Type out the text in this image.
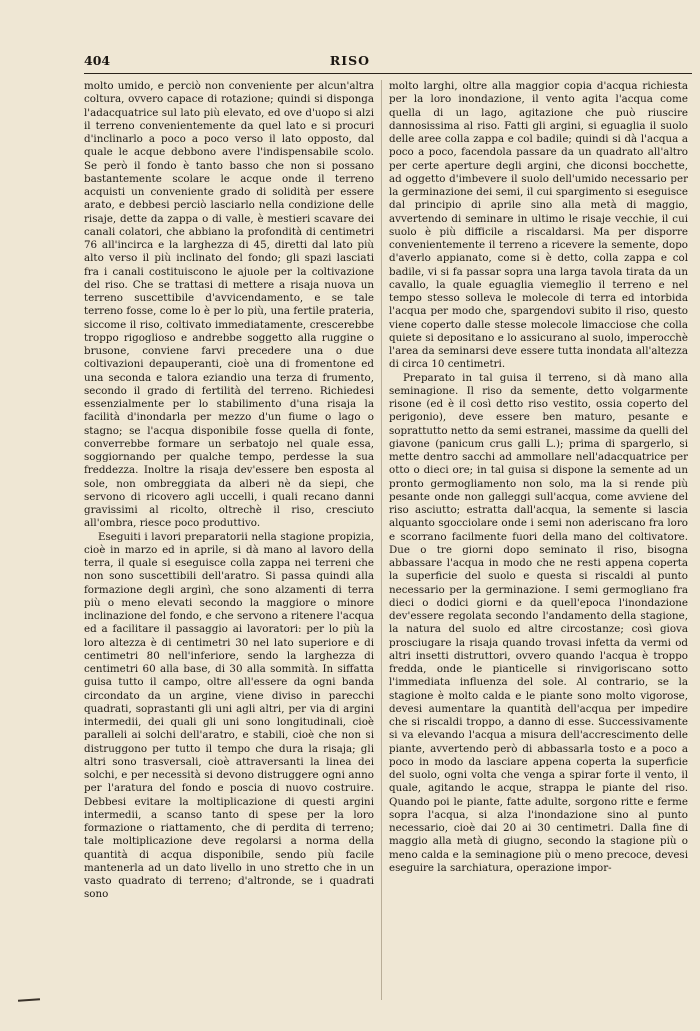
404	RISO

molto umido, e perciò non conveniente per alcun'altra coltura, ovvero capace di rotazione; quindi si disponga l'adacquatrice sul lato più elevato, ed ove d'uopo si alzi il terreno convenientemente da quel lato e si procuri d'inclinarlo a poco a poco verso il lato opposto, dal quale le acque debbono avere l'indispensabile scolo. Se però il fondo è tanto basso che non si possano bastantemente scolare le acque onde il terreno acquisti un conveniente grado di solidità per essere arato, e debbesi perciò lasciarlo nella condizione delle risaje, dette da zappa o di valle, è mestieri scavare dei canali colatori, che abbiano la profondità di centimetri 76 all'incirca e la larghezza di 45, diretti dal lato più alto verso il più inclinato del fondo; gli spazi lasciati fra i canali costituiscono le ajuole per la coltivazione del riso. Che se trattasi di mettere a risaja nuova un terreno suscettibile d'avvicendamento, e se tale terreno fosse, come lo è per lo più, una fertile prateria, siccome il riso, coltivato immediatamente, crescerebbe troppo rigoglioso e andrebbe soggetto alla ruggine o brusone, conviene farvi precedere una o due coltivazioni depauperanti, cioè una di fromentone ed una seconda e talora eziandio una terza di frumento, secondo il grado di fertilità del terreno. Richiedesi essenzialmente per lo stabilimento d'una risaja la facilità d'inondarla per mezzo d'un fiume o lago o stagno; se l'acqua disponibile fosse quella di fonte, converrebbe formare un serbatojo nel quale essa, soggiornando per qualche tempo, perdesse la sua freddezza. Inoltre la risaja dev'essere ben esposta al sole, non ombreggiata da alberi nè da siepi, che servono di ricovero agli uccelli, i quali recano danni gravissimi al ricolto, oltrechè il riso, cresciuto all'ombra, riesce poco produttivo.

Eseguiti i lavori preparatorii nella stagione propizia, cioè in marzo ed in aprile, si dà mano al lavoro della terra, il quale si eseguisce colla zappa nei terreni che non sono suscettibili dell'aratro. Si passa quindi alla formazione degli arginì, che sono alzamenti di terra più o meno elevati secondo la maggiore o minore inclinazione del fondo, e che servono a ritenere l'acqua ed a facilitare il passaggio ai lavoratori: per lo più la loro altezza è di centimetri 30 nel lato superiore e di centimetri 80 nell'inferiore, sendo la larghezza di centimetri 60 alla base, di 30 alla sommità. In siffatta guisa tutto il campo, oltre all'essere da ogni banda circondato da un argine, viene diviso in parecchi quadrati, soprastanti gli uni agli altri, per via di argini intermedii, dei quali gli uni sono longitudinali, cioè paralleli ai solchi dell'aratro, e stabili, cioè che non si distruggono per tutto il tempo che dura la risaja; gli altri sono trasversali, cioè attraversanti la linea dei solchi, e per necessità si devono distruggere ogni anno per l'aratura del fondo e poscia di nuovo costruire. Debbesi evitare la moltiplicazione di questi argini intermedii, a scanso tanto di spese per la loro formazione o riattamento, che di perdita di terreno; tale moltiplicazione deve regolarsi a norma della quantità di acqua disponibile, sendo più facile mantenerla ad un dato livello in uno stretto che in un vasto quadrato di terreno; d'altronde, se i quadrati sono

molto larghi, oltre alla maggior copia d'acqua richiesta per la loro inondazione, il vento agita l'acqua come quella di un lago, agitazione che può riuscire dannosissima al riso. Fatti gli argini, si eguaglia il suolo delle aree colla zappa e col badile; quindi si dà l'acqua a poco a poco, facendola passare da un quadrato all'altro per certe aperture degli argini, che diconsi bocchette, ad oggetto d'imbevere il suolo dell'umido necessario per la germinazione dei semi, il cui spargimento si eseguisce dal principio di aprile sino alla metà di maggio, avvertendo di seminare in ultimo le risaje vecchie, il cui suolo è più difficile a riscaldarsi. Ma per disporre convenientemente il terreno a ricevere la semente, dopo d'averlo appianato, come si è detto, colla zappa e col badile, vi si fa passar sopra una larga tavola tirata da un cavallo, la quale eguaglia viemeglio il terreno e nel tempo stesso solleva le molecole di terra ed intorbida l'acqua per modo che, spargendovi subito il riso, questo viene coperto dalle stesse molecole limacciose che colla quiete si depositano e lo assicurano al suolo, imperocchè l'area da seminarsi deve essere tutta inondata all'altezza di circa 10 centimetri.

Preparato in tal guisa il terreno, si dà mano alla seminagione. Il riso da semente, detto volgarmente risone (ed è il così detto riso vestito, ossia coperto del perigonio), deve essere ben maturo, pesante e soprattutto netto da semi estranei, massime da quelli del giavone (panicum crus galli L.); prima di spargerlo, si mette dentro sacchi ad ammollare nell'adacquatrice per otto o dieci ore; in tal guisa si dispone la semente ad un pronto germogliamento non solo, ma la si rende più pesante onde non galleggi sull'acqua, come avviene del riso asciutto; estratta dall'acqua, la semente si lascia alquanto sgocciolare onde i semi non aderiscano fra loro e scorrano facilmente fuori della mano del coltivatore. Due o tre giorni dopo seminato il riso, bisogna abbassare l'acqua in modo che ne resti appena coperta la superficie del suolo e questa si riscaldi al punto necessario per la germinazione. I semi germogliano fra dieci o dodici giorni e da quell'epoca l'inondazione dev'essere regolata secondo l'andamento della stagione, la natura del suolo ed altre circostanze; così giova prosciugare la risaja quando trovasi infetta da vermi od altri insetti distruttori, ovvero quando l'acqua è troppo fredda, onde le pianticelle si rinvigoriscano sotto l'immediata influenza del sole. Al contrario, se la stagione è molto calda e le piante sono molto vigorose, devesi aumentare la quantità dell'acqua per impedire che si riscaldi troppo, a danno di esse. Successivamente si va elevando l'acqua a misura dell'accrescimento delle piante, avvertendo però di abbassarla tosto e a poco a poco in modo da lasciare appena coperta la superficie del suolo, ogni volta che venga a spirar forte il vento, il quale, agitando le acque, strappa le piante del riso. Quando poi le piante, fatte adulte, sorgono ritte e ferme sopra l'acqua, si alza l'inondazione sino al punto necessario, cioè dai 20 ai 30 centimetri. Dalla fine di maggio alla metà di giugno, secondo la stagione più o meno calda e la seminagione più o meno precoce, devesi eseguire la sarchiatura, operazione impor-
